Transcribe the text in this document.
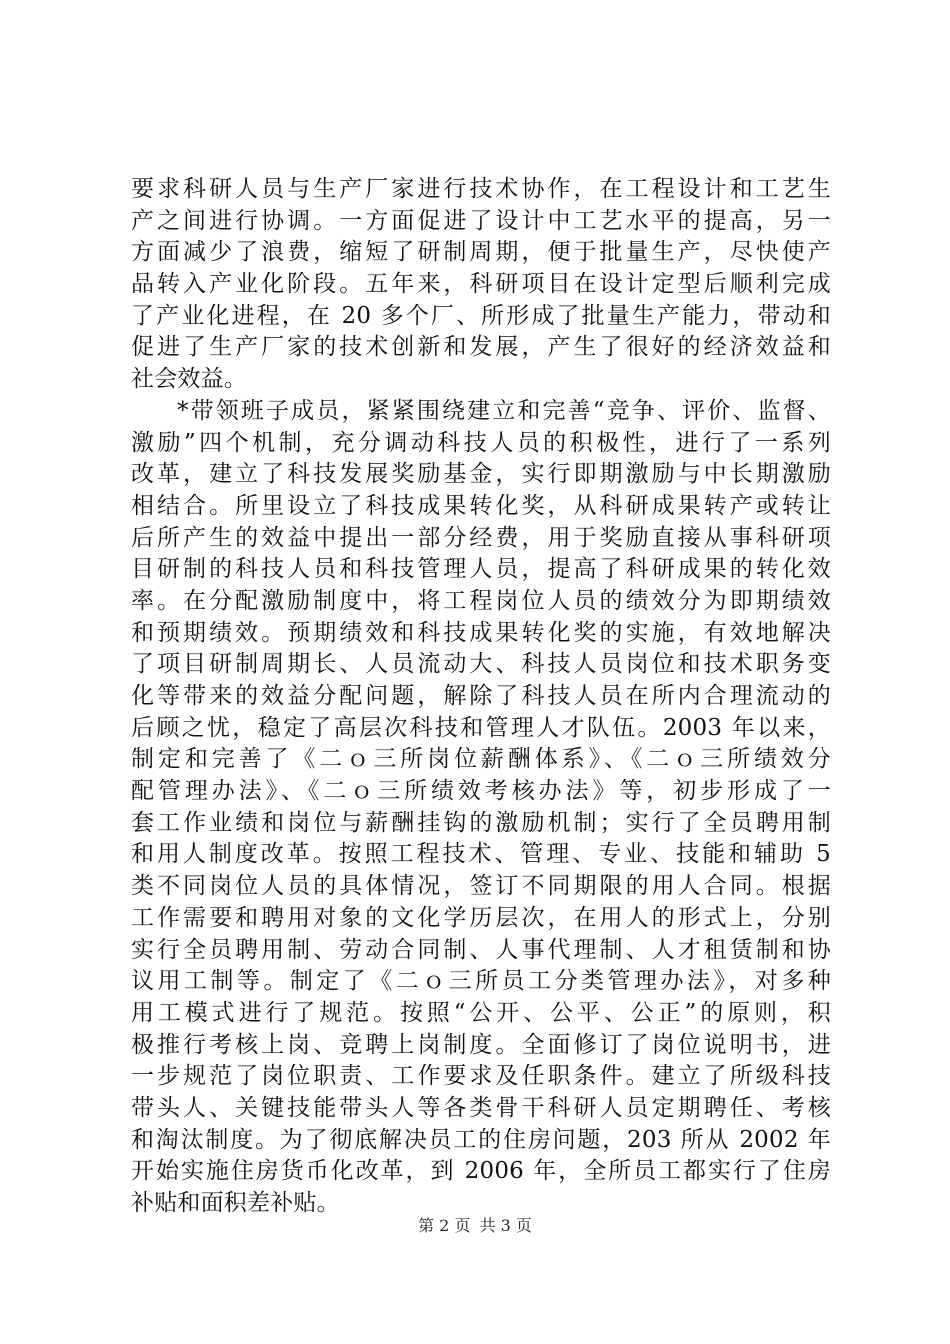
要求科研人员与生产厂家进行技术协作，在工程设计和工艺生
产之间进行协调。一方面促进了设计中工艺水平的提高，另一
方面减少了浪费，缩短了研制周期，便于批量生产，尽快使产
品转入产业化阶段。五年来，科研项目在设计定型后顺利完成
了产业化进程，在 20 多个厂、所形成了批量生产能力，带动和
促进了生产厂家的技术创新和发展，产生了很好的经济效益和
社会效益。
*带领班子成员，紧紧围绕建立和完善“竞争、评价、监督、
激励”四个机制，充分调动科技人员的积极性，进行了一系列
改革，建立了科技发展奖励基金，实行即期激励与中长期激励
相结合。所里设立了科技成果转化奖，从科研成果转产或转让
后所产生的效益中提出一部分经费，用于奖励直接从事科研项
目研制的科技人员和科技管理人员，提高了科研成果的转化效
率。在分配激励制度中，将工程岗位人员的绩效分为即期绩效
和预期绩效。预期绩效和科技成果转化奖的实施，有效地解决
了项目研制周期长、人员流动大、科技人员岗位和技术职务变
化等带来的效益分配问题，解除了科技人员在所内合理流动的
后顾之忧，稳定了高层次科技和管理人才队伍。2003 年以来，
制定和完善了《二ｏ三所岗位薪酬体系》、《二ｏ三所绩效分
配管理办法》、《二ｏ三所绩效考核办法》等，初步形成了一
套工作业绩和岗位与薪酬挂钩的激励机制；实行了全员聘用制
和用人制度改革。按照工程技术、管理、专业、技能和辅助 5
类不同岗位人员的具体情况，签订不同期限的用人合同。根据
工作需要和聘用对象的文化学历层次，在用人的形式上，分别
实行全员聘用制、劳动合同制、人事代理制、人才租赁制和协
议用工制等。制定了《二ｏ三所员工分类管理办法》，对多种
用工模式进行了规范。按照“公开、公平、公正”的原则，积
极推行考核上岗、竞聘上岗制度。全面修订了岗位说明书，进
一步规范了岗位职责、工作要求及任职条件。建立了所级科技
带头人、关键技能带头人等各类骨干科研人员定期聘任、考核
和淘汰制度。为了彻底解决员工的住房问题，203 所从 2002 年
开始实施住房货币化改革，到 2006 年，全所员工都实行了住房
补贴和面积差补贴。
第 2 页 共 3 页
